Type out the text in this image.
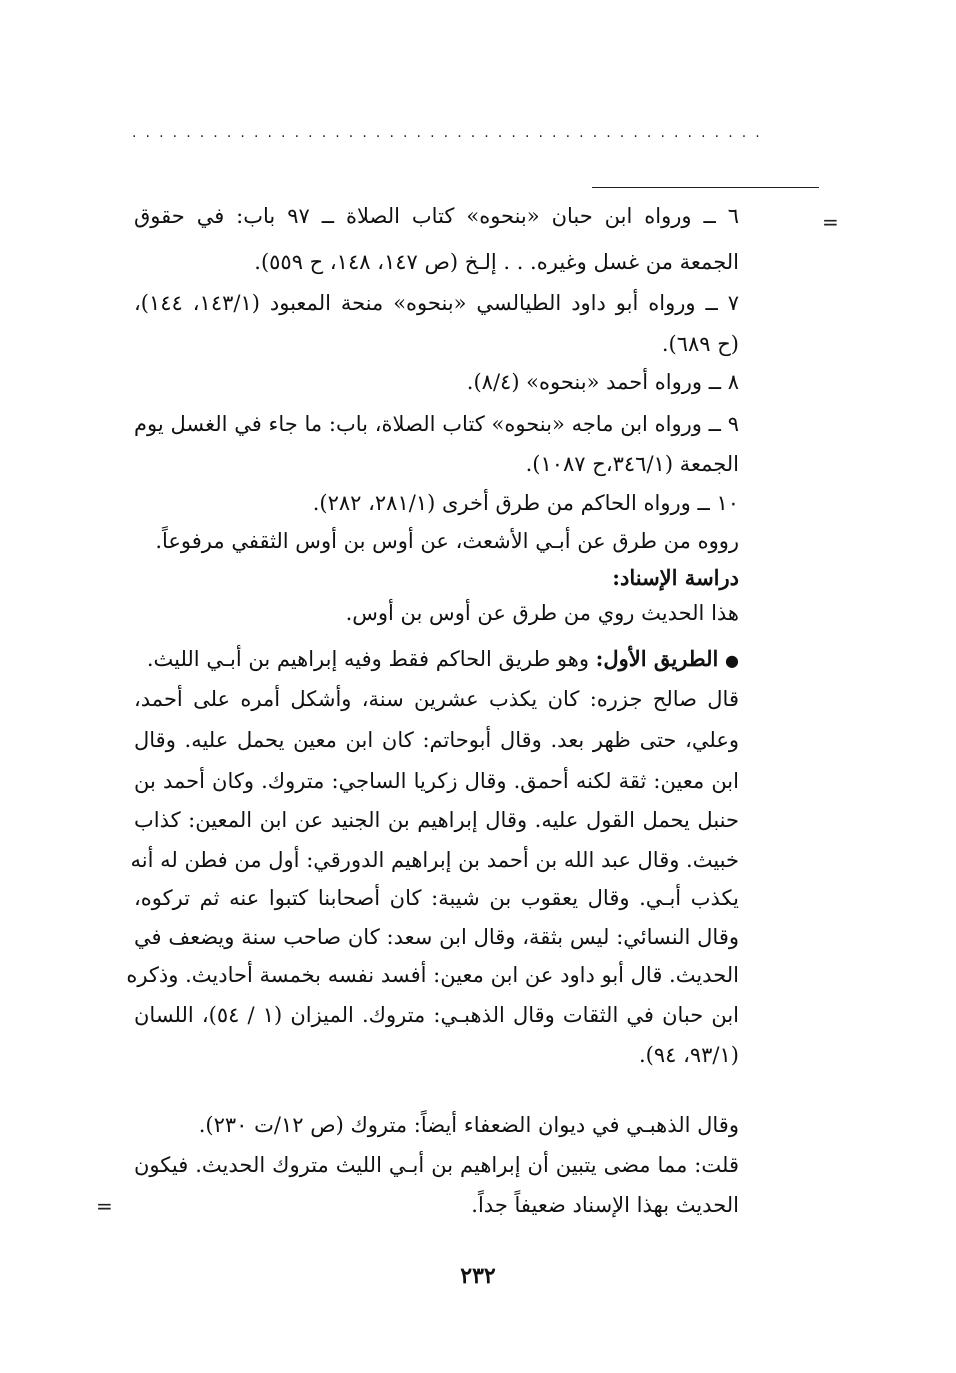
...............................................
=
=
٦ ــ ورواه ابن حبان «بنحوه» كتاب الصلاة ــ ٩٧ باب: في حقوق
الجمعة من غسل وغيره. . . إلـخ (ص ١٤٧، ١٤٨، ح ٥٥٩).
٧ ــ ورواه أبو داود الطيالسي «بنحوه» منحة المعبود (١٤٣/١، ١٤٤)،
(ح ٦٨٩).
٨ ــ ورواه أحمد «بنحوه» (٨/٤).
٩ ــ ورواه ابن ماجه «بنحوه» كتاب الصلاة، باب: ما جاء في الغسل يوم
الجمعة (٣٤٦/١،ح ١٠٨٧).
١٠ ــ ورواه الحاكم من طرق أخرى (٢٨١/١، ٢٨٢).
رووه من طرق عن أبـي الأشعث، عن أوس بن أوس الثقفي مرفوعاً.
دراسة الإسناد:
هذا الحديث روي من طرق عن أوس بن أوس.
● الطريق الأول: وهو طريق الحاكم فقط وفيه إبراهيم بن أبـي الليث.
قال صالح جزره: كان يكذب عشرين سنة، وأشكل أمره على أحمد،
وعلي، حتى ظهر بعد. وقال أبوحاتم: كان ابن معين يحمل عليه. وقال
ابن معين: ثقة لكنه أحمق. وقال زكريا الساجي: متروك. وكان أحمد بن
حنبل يحمل القول عليه. وقال إبراهيم بن الجنيد عن ابن المعين: كذاب
خبيث. وقال عبد الله بن أحمد بن إبراهيم الدورقي: أول من فطن له أنه
يكذب أبـي. وقال يعقوب بن شيبة: كان أصحابنا كتبوا عنه ثم تركوه،
وقال النسائي: ليس بثقة، وقال ابن سعد: كان صاحب سنة ويضعف في
الحديث. قال أبو داود عن ابن معين: أفسد نفسه بخمسة أحاديث. وذكره
ابن حبان في الثقات وقال الذهبـي: متروك. الميزان (١ / ٥٤)، اللسان
(٩٣/١، ٩٤).
وقال الذهبـي في ديوان الضعفاء أيضاً: متروك (ص ١٢/ت ٢٣٠).
قلت: مما مضى يتبين أن إبراهيم بن أبـي الليث متروك الحديث. فيكون
الحديث بهذا الإسناد ضعيفاً جداً.
٢٣٢
